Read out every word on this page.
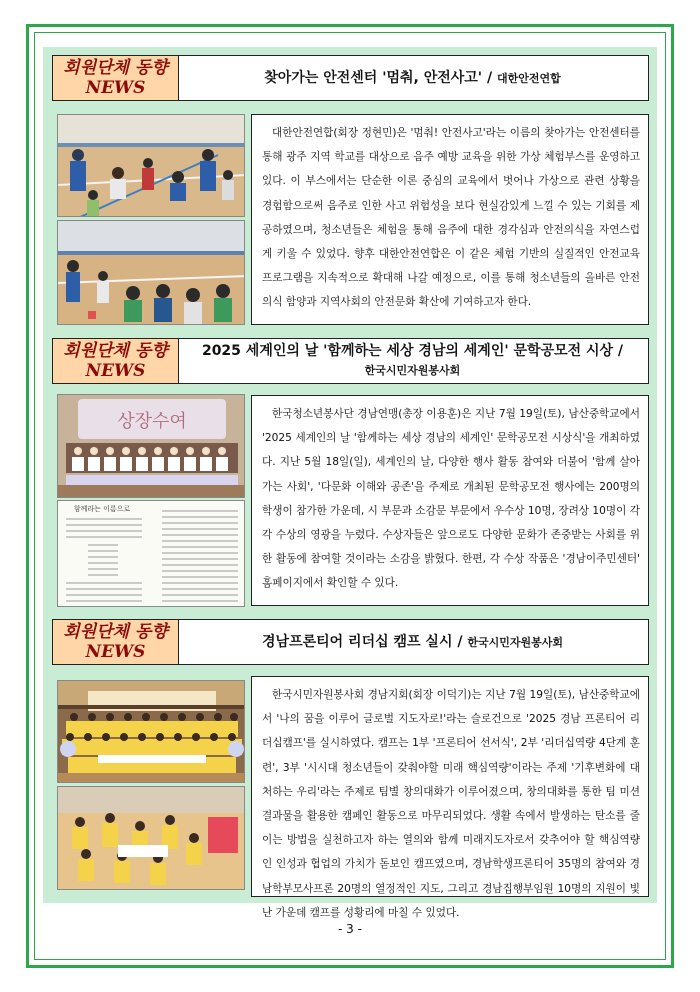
회원단체 동향
NEWS
찾아가는 안전센터 '멈춰, 안전사고' / 대한안전연합

대한안전연합(회장 정현민)은 '멈춰! 안전사고'라는 이름의 찾아가는 안전센터를 통해 광주 지역 학교를 대상으로 음주 예방 교육을 위한 가상 체험부스를 운영하고 있다. 이 부스에서는 단순한 이론 중심의 교육에서 벗어나 가상으로 관련 상황을 경험함으로써 음주로 인한 사고 위험성을 보다 현실감있게 느낄 수 있는 기회를 제공하였으며, 청소년들은 체험을 통해 음주에 대한 경각심과 안전의식을 자연스럽게 키울 수 있었다. 향후 대한안전연합은 이 같은 체험 기반의 실질적인 안전교육 프로그램을 지속적으로 확대해 나갈 예정으로, 이를 통해 청소년들의 올바른 안전 의식 함양과 지역사회의 안전문화 확산에 기여하고자 한다.

회원단체 동향
NEWS
2025 세계인의 날 '함께하는 세상 경남의 세계인' 문학공모전 시상 /
한국시민자원봉사회
상장수여
함께라는 이름으로

한국청소년봉사단 경남연맹(총장 이용훈)은 지난 7월 19일(토), 남산중학교에서 '2025 세계인의 날 '함께하는 세상 경남의 세계인' 문학공모전 시상식'을 개최하였다. 지난 5월 18일(일), 세계인의 날, 다양한 행사 활동 참여와 더불어 '함께 살아가는 사회', '다문화 이해와 공존'을 주제로 개최된 문학공모전 행사에는 200명의 학생이 참가한 가운데, 시 부문과 소감문 부문에서 우수상 10명, 장려상 10명이 각각 수상의 영광을 누렸다. 수상자들은 앞으로도 다양한 문화가 존중받는 사회를 위한 활동에 참여할 것이라는 소감을 밝혔다. 한편, 각 수상 작품은 '경남이주민센터' 홈페이지에서 확인할 수 있다.

회원단체 동향
NEWS
경남프론티어 리더십 캠프 실시 / 한국시민자원봉사회

한국시민자원봉사회 경남지회(회장 이덕기)는 지난 7월 19일(토), 남산중학교에서 '나의 꿈을 이루어 글로벌 지도자로!'라는 슬로건으로 '2025 경남 프론티어 리더십캠프'를 실시하였다. 캠프는 1부 '프론티어 선서식', 2부 '리더십역량 4단계 훈련', 3부 '시시대 청소년들이 갖춰야할 미래 핵심역량'이라는 주제 '기후변화에 대처하는 우리'라는 주제로 팀별 창의대화가 이루어졌으며, 창의대화를 통한 팀 미션 결과물을 활용한 캠페인 활동으로 마무리되었다. 생활 속에서 발생하는 탄소를 줄이는 방법을 실천하고자 하는 열의와 함께 미래지도자로서 갖추어야 할 핵심역량인 인성과 협업의 가치가 돋보인 캠프였으며, 경남학생프론티어 35명의 참여와 경남학부모사프론 20명의 열정적인 지도, 그리고 경남집행부임원 10명의 지원이 빛난 가운데 캠프를 성황리에 마칠 수 있었다.

- 3 -
